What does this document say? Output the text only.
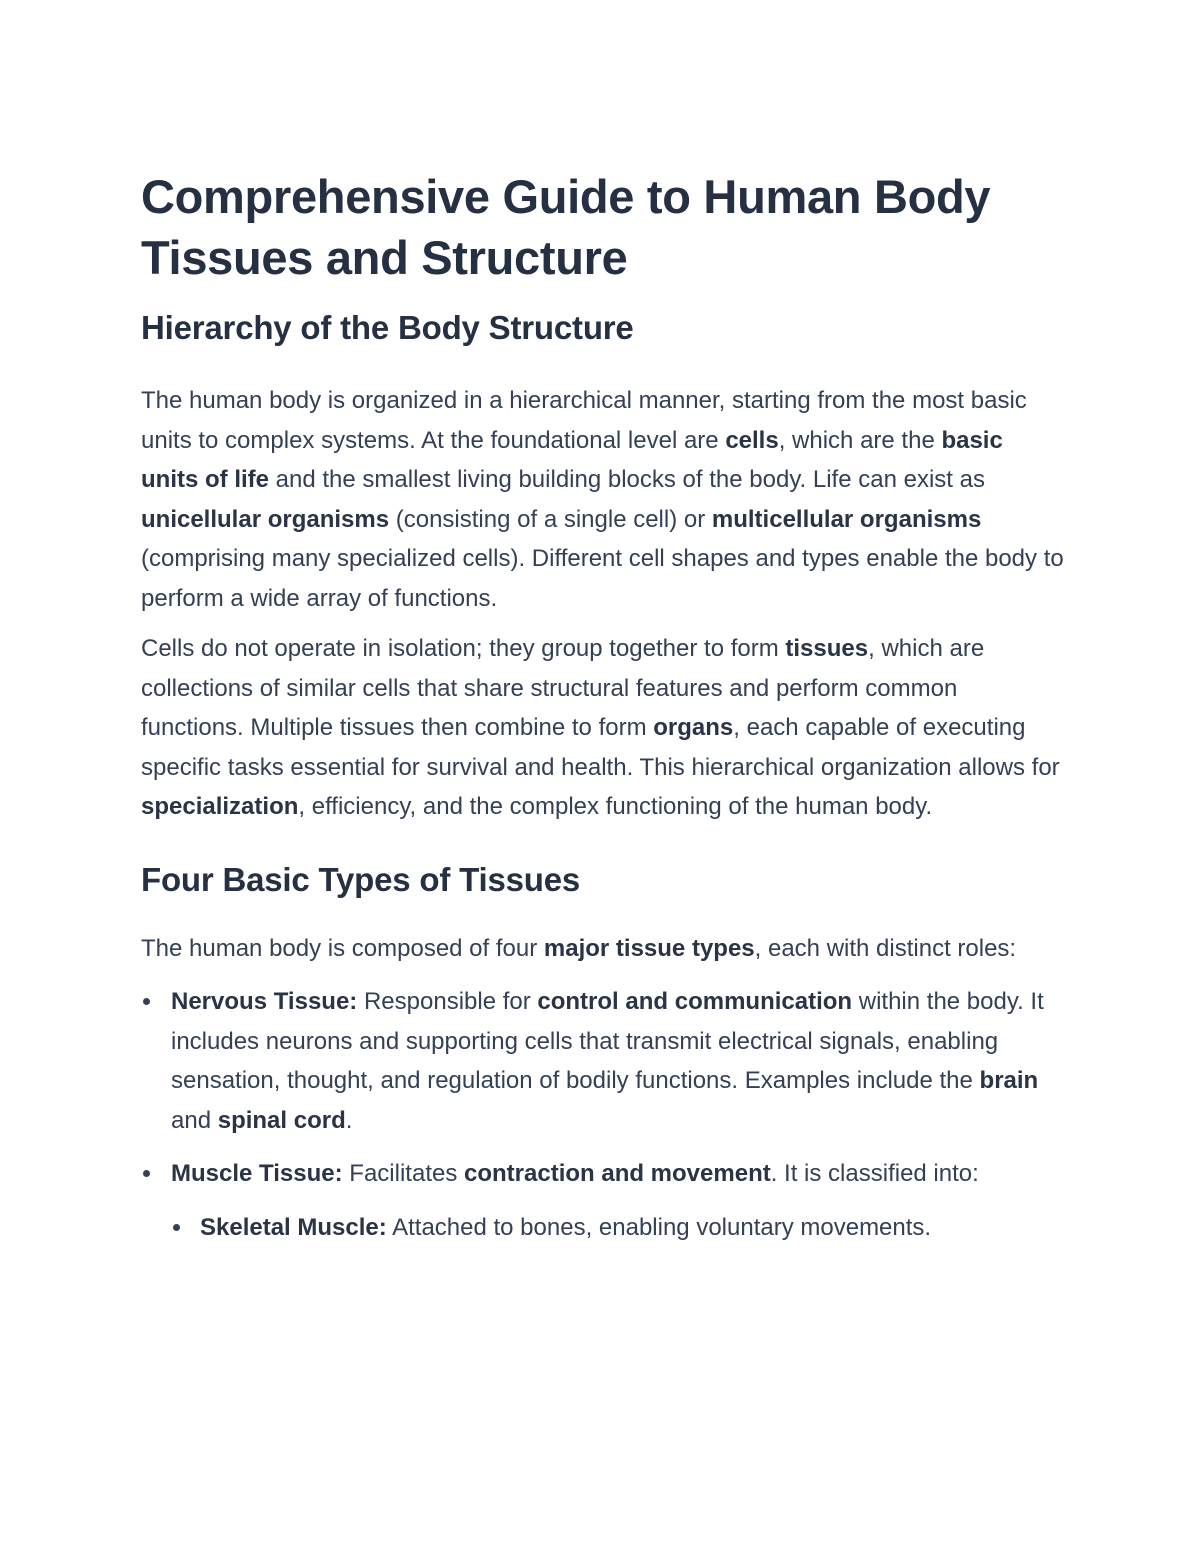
Comprehensive Guide to Human Body Tissues and Structure
Hierarchy of the Body Structure

The human body is organized in a hierarchical manner, starting from the most basic units to complex systems. At the foundational level are cells, which are the basic units of life and the smallest living building blocks of the body. Life can exist as unicellular organisms (consisting of a single cell) or multicellular organisms (comprising many specialized cells). Different cell shapes and types enable the body to perform a wide array of functions.

Cells do not operate in isolation; they group together to form tissues, which are collections of similar cells that share structural features and perform common functions. Multiple tissues then combine to form organs, each capable of executing specific tasks essential for survival and health. This hierarchical organization allows for specialization, efficiency, and the complex functioning of the human body.

Four Basic Types of Tissues

The human body is composed of four major tissue types, each with distinct roles:

Nervous Tissue: Responsible for control and communication within the body. It includes neurons and supporting cells that transmit electrical signals, enabling sensation, thought, and regulation of bodily functions. Examples include the brain and spinal cord.
Muscle Tissue: Facilitates contraction and movement. It is classified into:
Skeletal Muscle: Attached to bones, enabling voluntary movements.
